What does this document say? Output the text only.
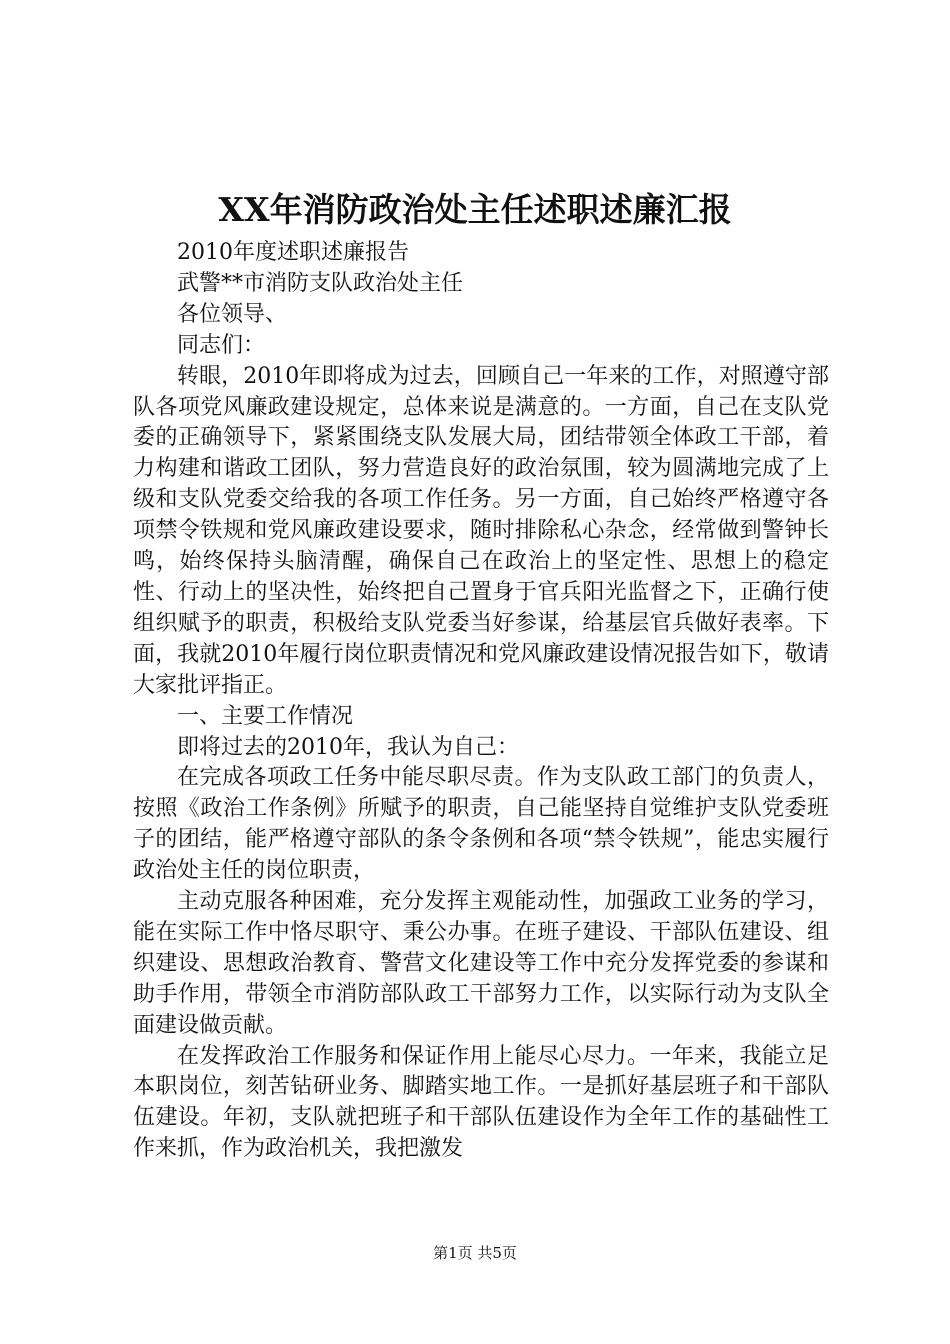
XX年消防政治处主任述职述廉汇报

2010年度述职述廉报告

武警**市消防支队政治处主任

各位领导、

同志们：

转眼，2010年即将成为过去，回顾自己一年来的工作，对照遵守部队各项党风廉政建设规定，总体来说是满意的。一方面，自己在支队党委的正确领导下，紧紧围绕支队发展大局，团结带领全体政工干部，着力构建和谐政工团队，努力营造良好的政治氛围，较为圆满地完成了上级和支队党委交给我的各项工作任务。另一方面，自己始终严格遵守各项禁令铁规和党风廉政建设要求，随时排除私心杂念，经常做到警钟长鸣，始终保持头脑清醒，确保自己在政治上的坚定性、思想上的稳定性、行动上的坚决性，始终把自己置身于官兵阳光监督之下，正确行使组织赋予的职责，积极给支队党委当好参谋，给基层官兵做好表率。下面，我就2010年履行岗位职责情况和党风廉政建设情况报告如下，敬请大家批评指正。

一、主要工作情况

即将过去的2010年，我认为自己：

在完成各项政工任务中能尽职尽责。作为支队政工部门的负责人，按照《政治工作条例》所赋予的职责，自己能坚持自觉维护支队党委班子的团结，能严格遵守部队的条令条例和各项“禁令铁规”，能忠实履行政治处主任的岗位职责，

主动克服各种困难，充分发挥主观能动性，加强政工业务的学习，能在实际工作中恪尽职守、秉公办事。在班子建设、干部队伍建设、组织建设、思想政治教育、警营文化建设等工作中充分发挥党委的参谋和助手作用，带领全市消防部队政工干部努力工作，以实际行动为支队全面建设做贡献。

在发挥政治工作服务和保证作用上能尽心尽力。一年来，我能立足本职岗位，刻苦钻研业务、脚踏实地工作。一是抓好基层班子和干部队伍建设。年初，支队就把班子和干部队伍建设作为全年工作的基础性工作来抓，作为政治机关，我把激发

第1页 共5页
